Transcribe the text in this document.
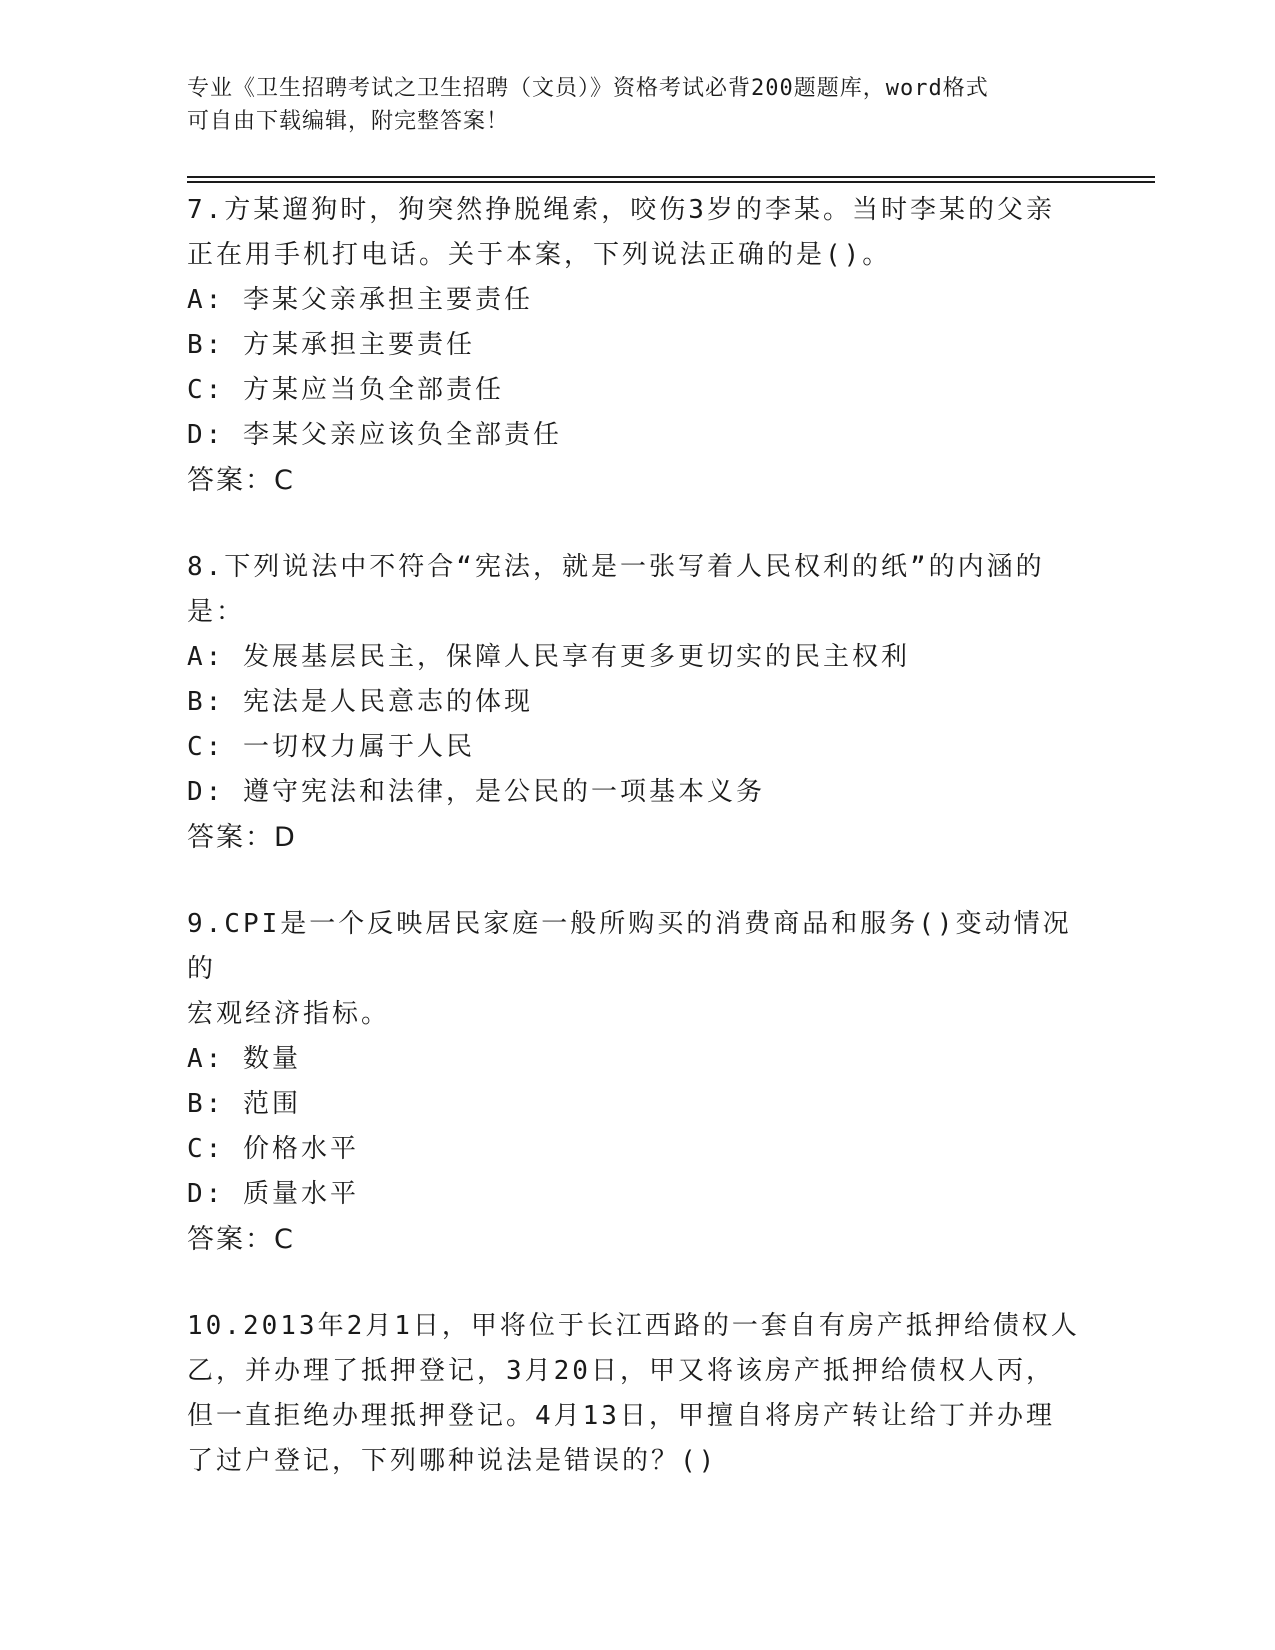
专业《卫生招聘考试之卫生招聘（文员）》资格考试必背200题题库，word格式
可自由下载编辑，附完整答案！
7.方某遛狗时，狗突然挣脱绳索，咬伤3岁的李某。当时李某的父亲
正在用手机打电话。关于本案，下列说法正确的是()。
A: 李某父亲承担主要责任
B: 方某承担主要责任
C: 方某应当负全部责任
D: 李某父亲应该负全部责任
答案：C
8.下列说法中不符合“宪法，就是一张写着人民权利的纸”的内涵的
是：
A: 发展基层民主，保障人民享有更多更切实的民主权利
B: 宪法是人民意志的体现
C: 一切权力属于人民
D: 遵守宪法和法律，是公民的一项基本义务
答案：D
9.CPI是一个反映居民家庭一般所购买的消费商品和服务()变动情况的
宏观经济指标。
A: 数量
B: 范围
C: 价格水平
D: 质量水平
答案：C
10.2013年2月1日，甲将位于长江西路的一套自有房产抵押给债权人
乙，并办理了抵押登记，3月20日，甲又将该房产抵押给债权人丙，
但一直拒绝办理抵押登记。4月13日，甲擅自将房产转让给丁并办理
了过户登记，下列哪种说法是错误的？()
